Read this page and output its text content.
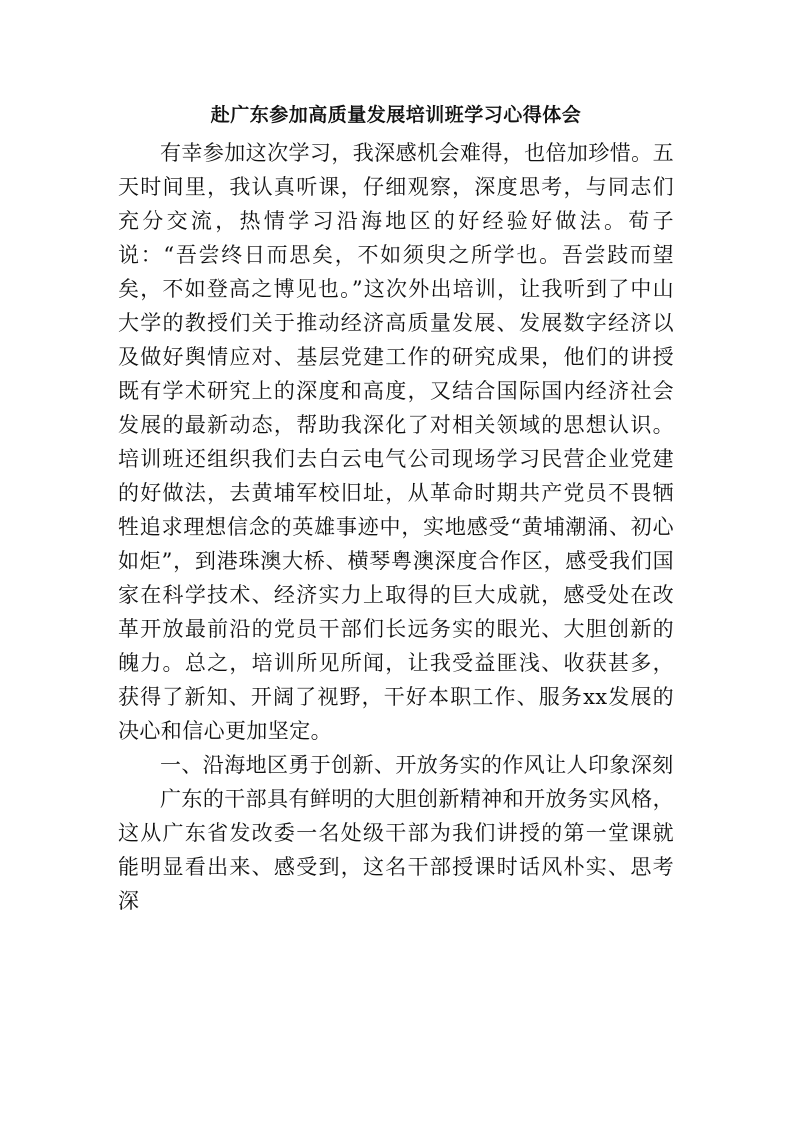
赴广东参加高质量发展培训班学习心得体会

有幸参加这次学习，我深感机会难得，也倍加珍惜。五天时间里，我认真听课，仔细观察，深度思考，与同志们充分交流，热情学习沿海地区的好经验好做法。荀子说：“吾尝终日而思矣，不如须臾之所学也。吾尝跂而望矣，不如登高之博见也。”这次外出培训，让我听到了中山大学的教授们关于推动经济高质量发展、发展数字经济以及做好舆情应对、基层党建工作的研究成果，他们的讲授既有学术研究上的深度和高度，又结合国际国内经济社会发展的最新动态，帮助我深化了对相关领域的思想认识。培训班还组织我们去白云电气公司现场学习民营企业党建的好做法，去黄埔军校旧址，从革命时期共产党员不畏牺牲追求理想信念的英雄事迹中，实地感受“黄埔潮涌、初心如炬”，到港珠澳大桥、横琴粤澳深度合作区，感受我们国家在科学技术、经济实力上取得的巨大成就，感受处在改革开放最前沿的党员干部们长远务实的眼光、大胆创新的魄力。总之，培训所见所闻，让我受益匪浅、收获甚多，获得了新知、开阔了视野，干好本职工作、服务xx发展的决心和信心更加坚定。

一、沿海地区勇于创新、开放务实的作风让人印象深刻

广东的干部具有鲜明的大胆创新精神和开放务实风格，这从广东省发改委一名处级干部为我们讲授的第一堂课就能明显看出来、感受到，这名干部授课时话风朴实、思考深
